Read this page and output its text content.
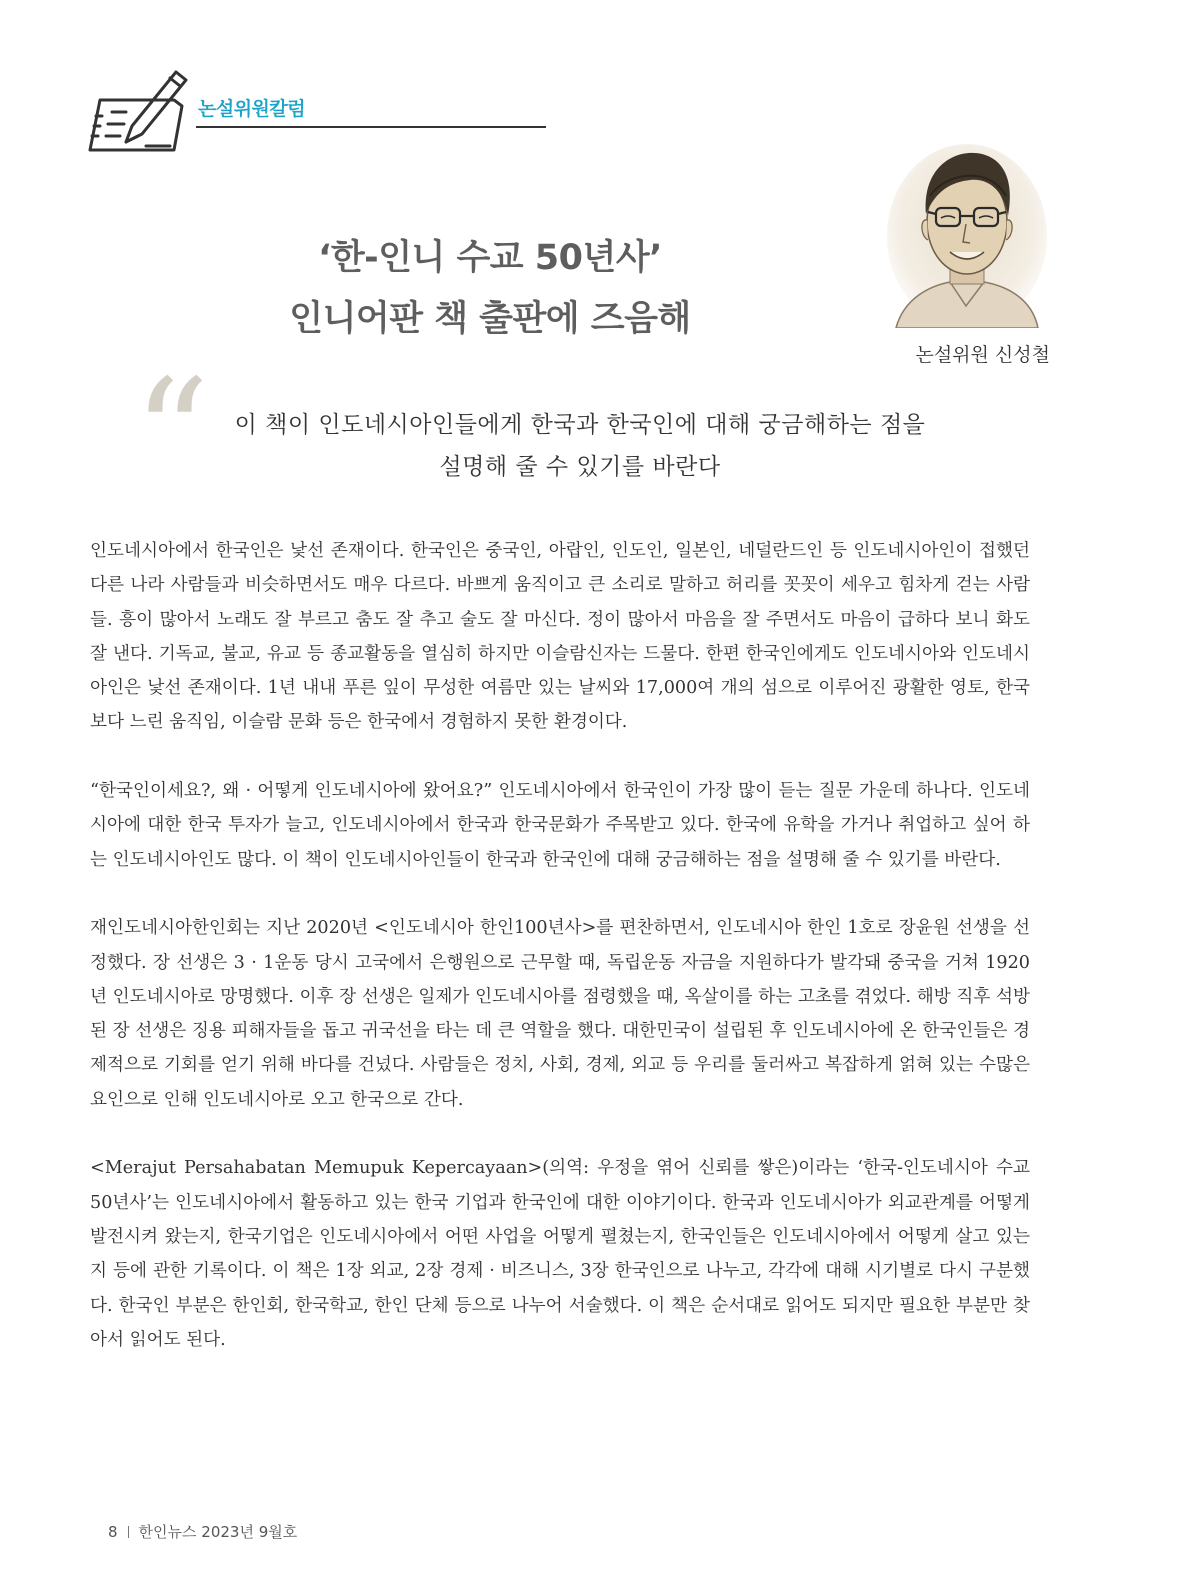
논설위원칼럼
논설위원 신성철
‘한-인니 수교 50년사’
인니어판 책 출판에 즈음해
“	이 책이 인도네시아인들에게 한국과 한국인에 대해 궁금해하는 점을
설명해 줄 수 있기를 바란다

인도네시아에서 한국인은 낯선 존재이다. 한국인은 중국인, 아랍인, 인도인, 일본인, 네덜란드인 등 인도네시아인이 접했던 다른 나라 사람들과 비슷하면서도 매우 다르다. 바쁘게 움직이고 큰 소리로 말하고 허리를 꼿꼿이 세우고 힘차게 걷는 사람들. 흥이 많아서 노래도 잘 부르고 춤도 잘 추고 술도 잘 마신다. 정이 많아서 마음을 잘 주면서도 마음이 급하다 보니 화도 잘 낸다. 기독교, 불교, 유교 등 종교활동을 열심히 하지만 이슬람신자는 드물다. 한편 한국인에게도 인도네시아와 인도네시아인은 낯선 존재이다. 1년 내내 푸른 잎이 무성한 여름만 있는 날씨와 17,000여 개의 섬으로 이루어진 광활한 영토, 한국보다 느린 움직임, 이슬람 문화 등은 한국에서 경험하지 못한 환경이다.

“한국인이세요?, 왜 · 어떻게 인도네시아에 왔어요?” 인도네시아에서 한국인이 가장 많이 듣는 질문 가운데 하나다. 인도네시아에 대한 한국 투자가 늘고, 인도네시아에서 한국과 한국문화가 주목받고 있다. 한국에 유학을 가거나 취업하고 싶어 하는 인도네시아인도 많다. 이 책이 인도네시아인들이 한국과 한국인에 대해 궁금해하는 점을 설명해 줄 수 있기를 바란다.

재인도네시아한인회는 지난 2020년 <인도네시아 한인100년사>를 편찬하면서, 인도네시아 한인 1호로 장윤원 선생을 선정했다. 장 선생은 3 · 1운동 당시 고국에서 은행원으로 근무할 때, 독립운동 자금을 지원하다가 발각돼 중국을 거쳐 1920년 인도네시아로 망명했다. 이후 장 선생은 일제가 인도네시아를 점령했을 때, 옥살이를 하는 고초를 겪었다. 해방 직후 석방된 장 선생은 징용 피해자들을 돕고 귀국선을 타는 데 큰 역할을 했다. 대한민국이 설립된 후 인도네시아에 온 한국인들은 경제적으로 기회를 얻기 위해 바다를 건넜다. 사람들은 정치, 사회, 경제, 외교 등 우리를 둘러싸고 복잡하게 얽혀 있는 수많은 요인으로 인해 인도네시아로 오고 한국으로 간다.

<Merajut Persahabatan Memupuk Kepercayaan>(의역: 우정을 엮어 신뢰를 쌓은)이라는 ‘한국-인도네시아 수교 50년사’는 인도네시아에서 활동하고 있는 한국 기업과 한국인에 대한 이야기이다. 한국과 인도네시아가 외교관계를 어떻게 발전시켜 왔는지, 한국기업은 인도네시아에서 어떤 사업을 어떻게 펼쳤는지, 한국인들은 인도네시아에서 어떻게 살고 있는지 등에 관한 기록이다. 이 책은 1장 외교, 2장 경제 · 비즈니스, 3장 한국인으로 나누고, 각각에 대해 시기별로 다시 구분했다. 한국인 부분은 한인회, 한국학교, 한인 단체 등으로 나누어 서술했다. 이 책은 순서대로 읽어도 되지만 필요한 부분만 찾아서 읽어도 된다.

8 한인뉴스 2023년 9월호
